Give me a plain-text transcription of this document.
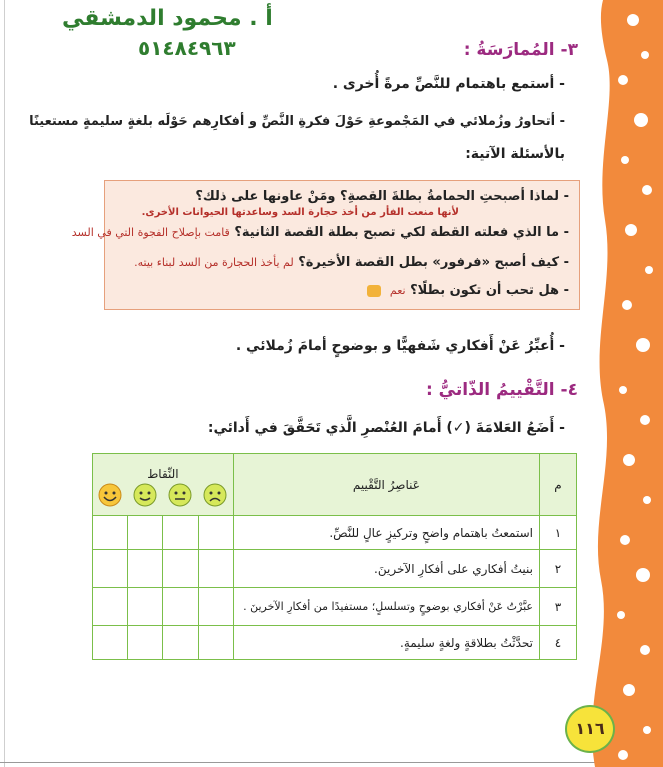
أ . محمود الدمشقي
٥١٤٨٤٩٦٣	٣- المُمارَسَةُ :
- أستمع باهتمام للنَّصِّ مرةً أُخرى .
- أتحاورُ وزُملائي في المَجْموعةِ حَوْلَ فكرةِ النَّصِّ و أفكارِهم حَوْلَه بلغةٍ سليمةٍ مستعينًا
بالأسئلة الآتية:
- لماذا أصبحتِ الحمامةُ بطلةَ القصةِ؟ ومَنْ عاونها على ذلك؟
لأنها منعت الفأر من أخذ حجارة السد وساعدتها الحيوانات الأخرى.
- ما الذي فعلته القطة لكي تصبح بطلة القصة الثانية؟ قامت بإصلاح الفجوة التي في السد
- كيف أصبح «فرفور» بطل القصة الأخيرة؟ لم يأخذ الحجارة من السد لبناء بيته.
- هل تحب أن تكون بطلًا؟ نعم
- أُعبِّرُ عَنْ أَفكاري شَفهيًّا و بوضوحٍ أمامَ زُملائي .
٤- التَّقْييمُ الذّاتيُّ :
- أَضَعُ العَلامَةَ (✓) أَمامَ العُنْصرِ الَّذي تَحَقَّقَ في أَدائي:
م	عَناصِرُ التَّقْييم	النِّقاط			

١	استمعتُ باهتمام واضحٍ وتركيزٍ عالٍ للنَّصِّ.				
٢	بنيتُ أفكاري على أفكارِ الآخرينَ.				
٣	عبَّرْتُ عَنْ أفكاري بوضوحٍ وتسلسلٍ؛ مستفيدًا من أفكارِ الآخرينَ .				
٤	تحدَّثْتُ بطلاقةٍ ولغةٍ سليمةٍ.				
١١٦
